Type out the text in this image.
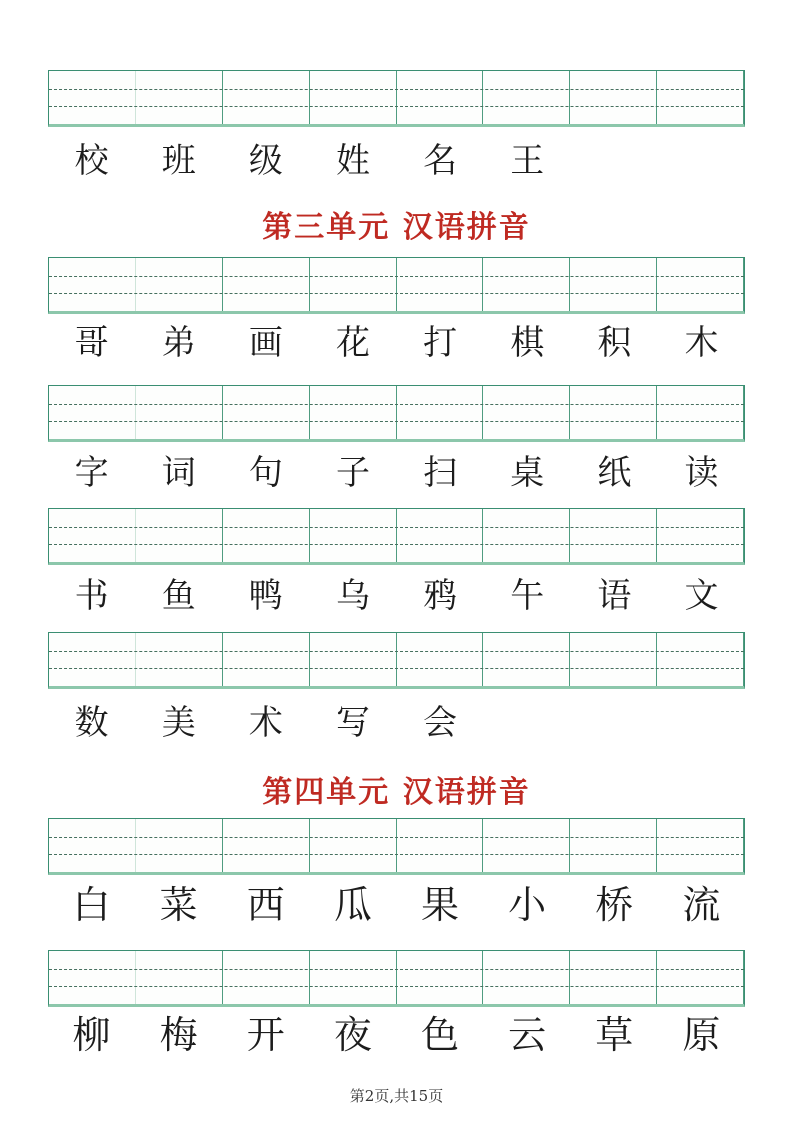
校	班	级	姓	名	王
第三单元 汉语拼音
哥	弟	画	花	打	棋	积	木
字	词	句	子	扫	桌	纸	读
书	鱼	鸭	乌	鸦	午	语	文
数	美	术	写	会
第四单元 汉语拼音
白	菜	西	瓜	果	小	桥	流
柳	梅	开	夜	色	云	草	原
第2页,共15页
